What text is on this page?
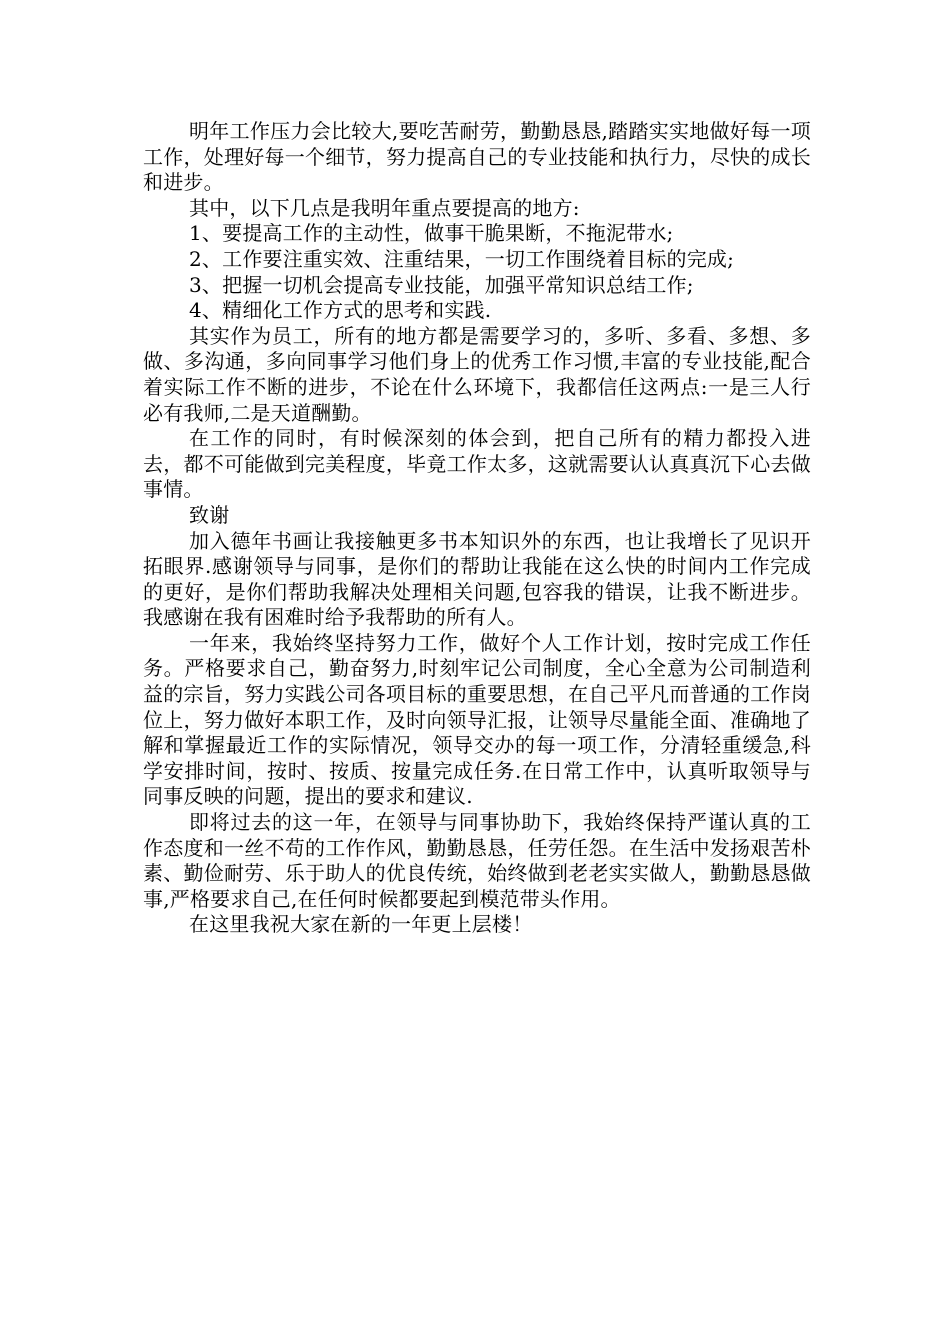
明年工作压力会比较大,要吃苦耐劳，勤勤恳恳,踏踏实实地做好每一项工作，处理好每一个细节，努力提高自己的专业技能和执行力，尽快的成长和进步。

其中，以下几点是我明年重点要提高的地方:

1、要提高工作的主动性，做事干脆果断，不拖泥带水;

2、工作要注重实效、注重结果，一切工作围绕着目标的完成;

3、把握一切机会提高专业技能，加强平常知识总结工作;

4、精细化工作方式的思考和实践.

其实作为员工，所有的地方都是需要学习的，多听、多看、多想、多做、多沟通，多向同事学习他们身上的优秀工作习惯,丰富的专业技能,配合着实际工作不断的进步，不论在什么环境下，我都信任这两点:一是三人行必有我师,二是天道酬勤。

在工作的同时，有时候深刻的体会到，把自己所有的精力都投入进去，都不可能做到完美程度，毕竟工作太多，这就需要认认真真沉下心去做事情。

致谢

加入德年书画让我接触更多书本知识外的东西，也让我增长了见识开拓眼界.感谢领导与同事，是你们的帮助让我能在这么快的时间内工作完成的更好，是你们帮助我解决处理相关问题,包容我的错误，让我不断进步。我感谢在我有困难时给予我帮助的所有人。

一年来，我始终坚持努力工作，做好个人工作计划，按时完成工作任务。严格要求自己，勤奋努力,时刻牢记公司制度，全心全意为公司制造利益的宗旨，努力实践公司各项目标的重要思想，在自己平凡而普通的工作岗位上，努力做好本职工作，及时向领导汇报，让领导尽量能全面、准确地了解和掌握最近工作的实际情况，领导交办的每一项工作，分清轻重缓急,科学安排时间，按时、按质、按量完成任务.在日常工作中，认真听取领导与同事反映的问题，提出的要求和建议.

即将过去的这一年，在领导与同事协助下，我始终保持严谨认真的工作态度和一丝不苟的工作作风，勤勤恳恳，任劳任怨。在生活中发扬艰苦朴素、勤俭耐劳、乐于助人的优良传统，始终做到老老实实做人，勤勤恳恳做事,严格要求自己,在任何时候都要起到模范带头作用。

在这里我祝大家在新的一年更上层楼！
